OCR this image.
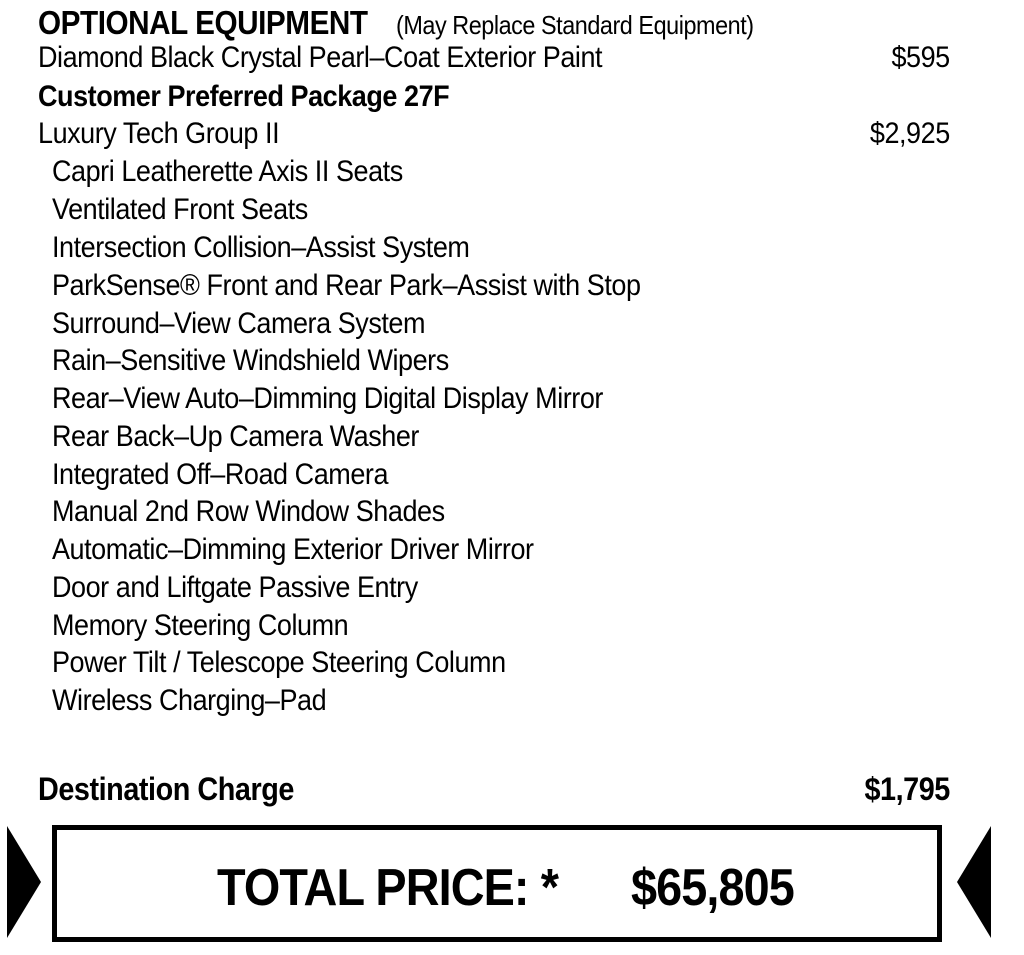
OPTIONAL EQUIPMENT (May Replace Standard Equipment)
Diamond Black Crystal Pearl–Coat Exterior Paint	$595
Customer Preferred Package 27F
Luxury Tech Group II	$2,925
Capri Leatherette Axis II Seats
Ventilated Front Seats
Intersection Collision–Assist System
ParkSense® Front and Rear Park–Assist with Stop
Surround–View Camera System
Rain–Sensitive Windshield Wipers
Rear–View Auto–Dimming Digital Display Mirror
Rear Back–Up Camera Washer
Integrated Off–Road Camera
Manual 2nd Row Window Shades
Automatic–Dimming Exterior Driver Mirror
Door and Liftgate Passive Entry
Memory Steering Column
Power Tilt / Telescope Steering Column
Wireless Charging–Pad
Destination Charge	$1,795
TOTAL PRICE: * $65,805
